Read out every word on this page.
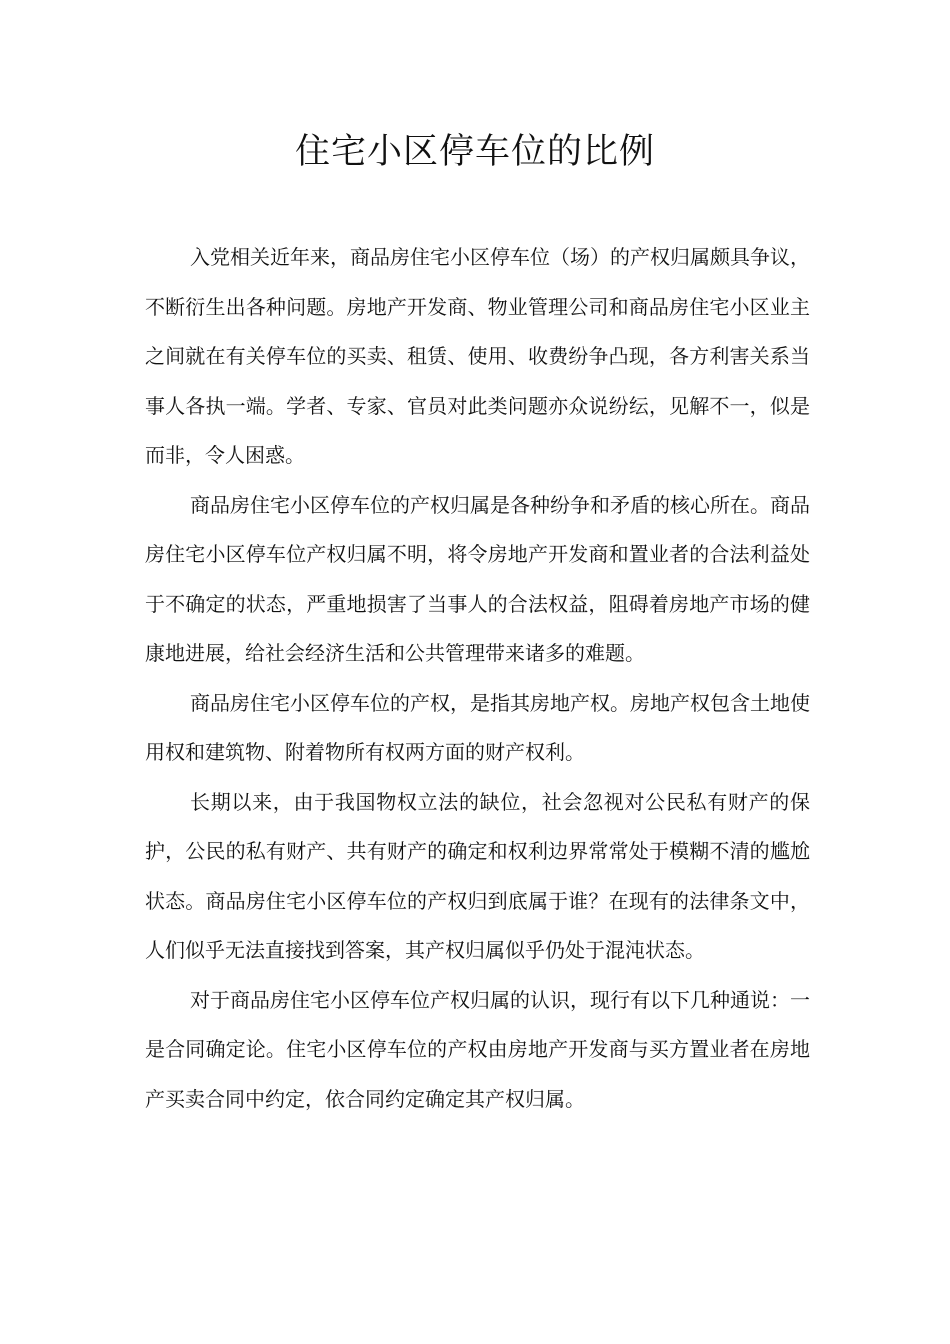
住宅小区停车位的比例

入党相关近年来，商品房住宅小区停车位（场）的产权归属颇具争议，不断衍生出各种问题。房地产开发商、物业管理公司和商品房住宅小区业主之间就在有关停车位的买卖、租赁、使用、收费纷争凸现，各方利害关系当事人各执一端。学者、专家、官员对此类问题亦众说纷纭，见解不一，似是而非，令人困惑。

商品房住宅小区停车位的产权归属是各种纷争和矛盾的核心所在。商品房住宅小区停车位产权归属不明，将令房地产开发商和置业者的合法利益处于不确定的状态，严重地损害了当事人的合法权益，阻碍着房地产市场的健康地进展，给社会经济生活和公共管理带来诸多的难题。

商品房住宅小区停车位的产权，是指其房地产权。房地产权包含土地使用权和建筑物、附着物所有权两方面的财产权利。

长期以来，由于我国物权立法的缺位，社会忽视对公民私有财产的保护，公民的私有财产、共有财产的确定和权利边界常常处于模糊不清的尴尬状态。商品房住宅小区停车位的产权归到底属于谁？在现有的法律条文中，人们似乎无法直接找到答案，其产权归属似乎仍处于混沌状态。

对于商品房住宅小区停车位产权归属的认识，现行有以下几种通说：一是合同确定论。住宅小区停车位的产权由房地产开发商与买方置业者在房地产买卖合同中约定，依合同约定确定其产权归属。
